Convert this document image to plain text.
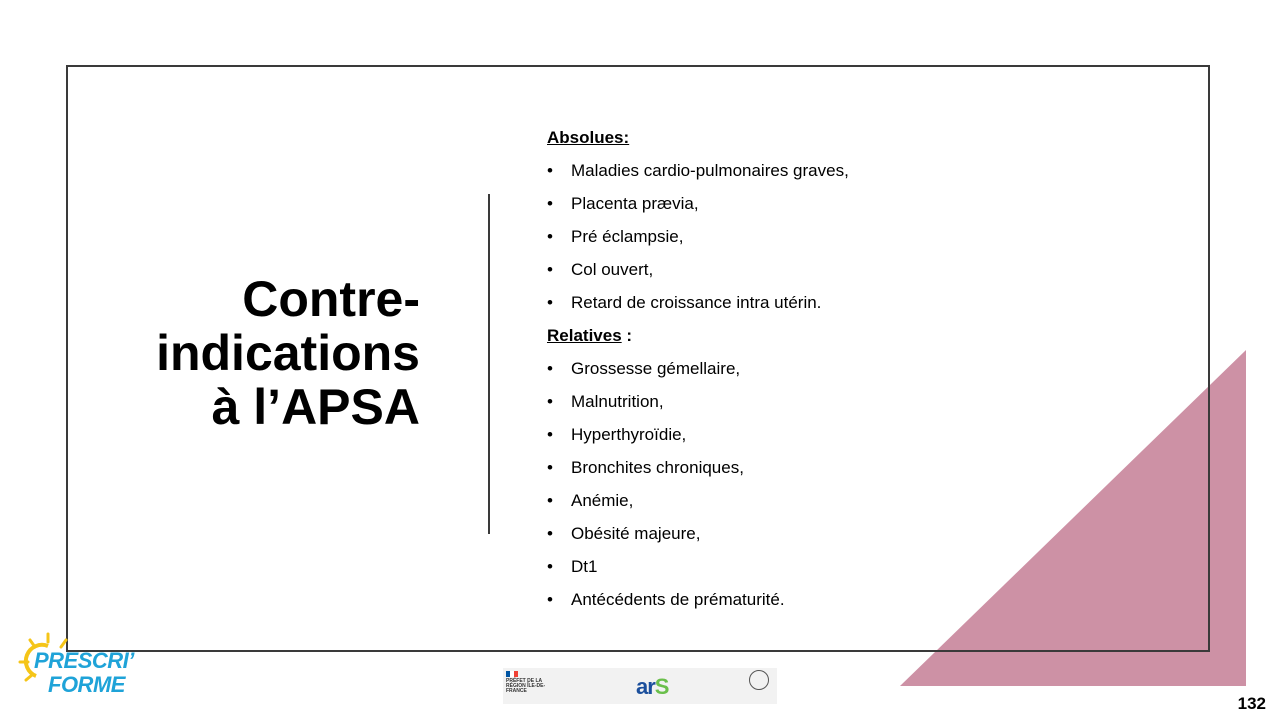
Contre-
indications
à l’APSA
Absolues:
• Maladies cardio-pulmonaires graves,
• Placenta prævia,
• Pré éclampsie,
• Col ouvert,
• Retard de croissance intra utérin.
Relatives :
• Grossesse gémellaire,
• Malnutrition,
• Hyperthyroïdie,
• Bronchites chroniques,
• Anémie,
• Obésité majeure,
• Dt1
• Antécédents de prématurité.
PRESCRI’
FORME	PRÉFET DE LA RÉGION ÎLE-DE-FRANCE	arS
132
